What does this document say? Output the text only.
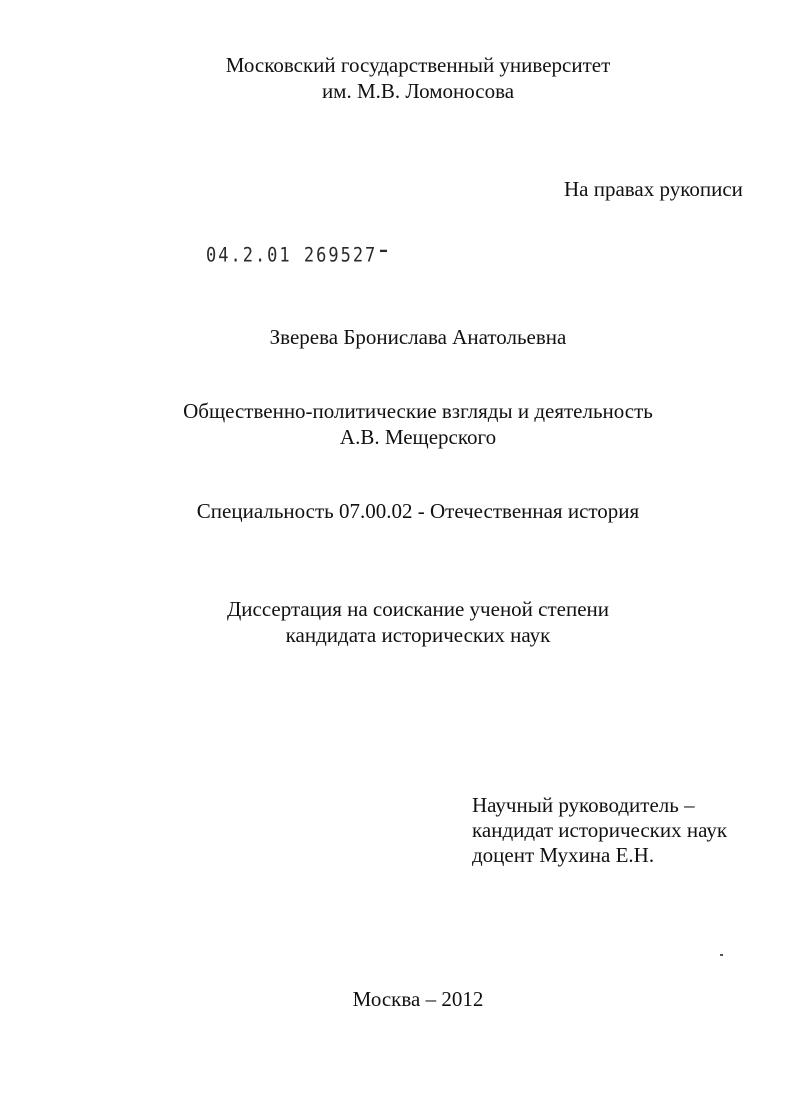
Московский государственный университет
им. М.В. Ломоносова
На правах рукописи
04.2.01 269527
Зверева Бронислава Анатольевна
Общественно-политические взгляды и деятельность
А.В. Мещерского
Специальность 07.00.02 - Отечественная история
Диссертация на соискание ученой степени
кандидата исторических наук
Научный руководитель –
кандидат исторических наук
доцент Мухина Е.Н.
Москва – 2012
